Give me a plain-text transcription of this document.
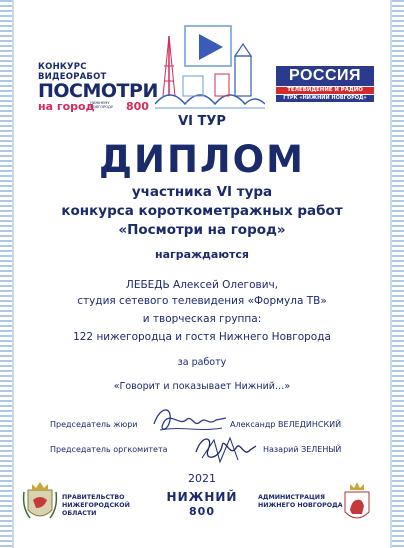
КОНКУРС ВИДЕОРАБОТ
ПОСМОТРИ
на город
НИЖНЕМУ НОВГОРОДУ	800
РОССИЯ
ТЕЛЕВИДЕНИЕ И РАДИО
ГТРК «НИЖНИЙ НОВГОРОД»
VI ТУР
ДИПЛОМ
участника VI тура
конкурса короткометражных работ
«Посмотри на город»
награждаются
ЛЕБЕДЬ Алексей Олегович,
студия сетевого телевидения «Формула ТВ»
и творческая группа:
122 нижегородца и гостя Нижнего Новгорода
за работу
«Говорит и показывает Нижний…»
Председатель жюри	Александр ВЕЛЕДИНСКИЙ
Председатель оргкомитета	Назарий ЗЕЛЕНЫЙ
2021
ПРАВИТЕЛЬСТВО
НИЖЕГОРОДСКОЙ
ОБЛАСТИ
НИЖНИЙ
800
АДМИНИСТРАЦИЯ
НИЖНЕГО НОВГОРОДА
